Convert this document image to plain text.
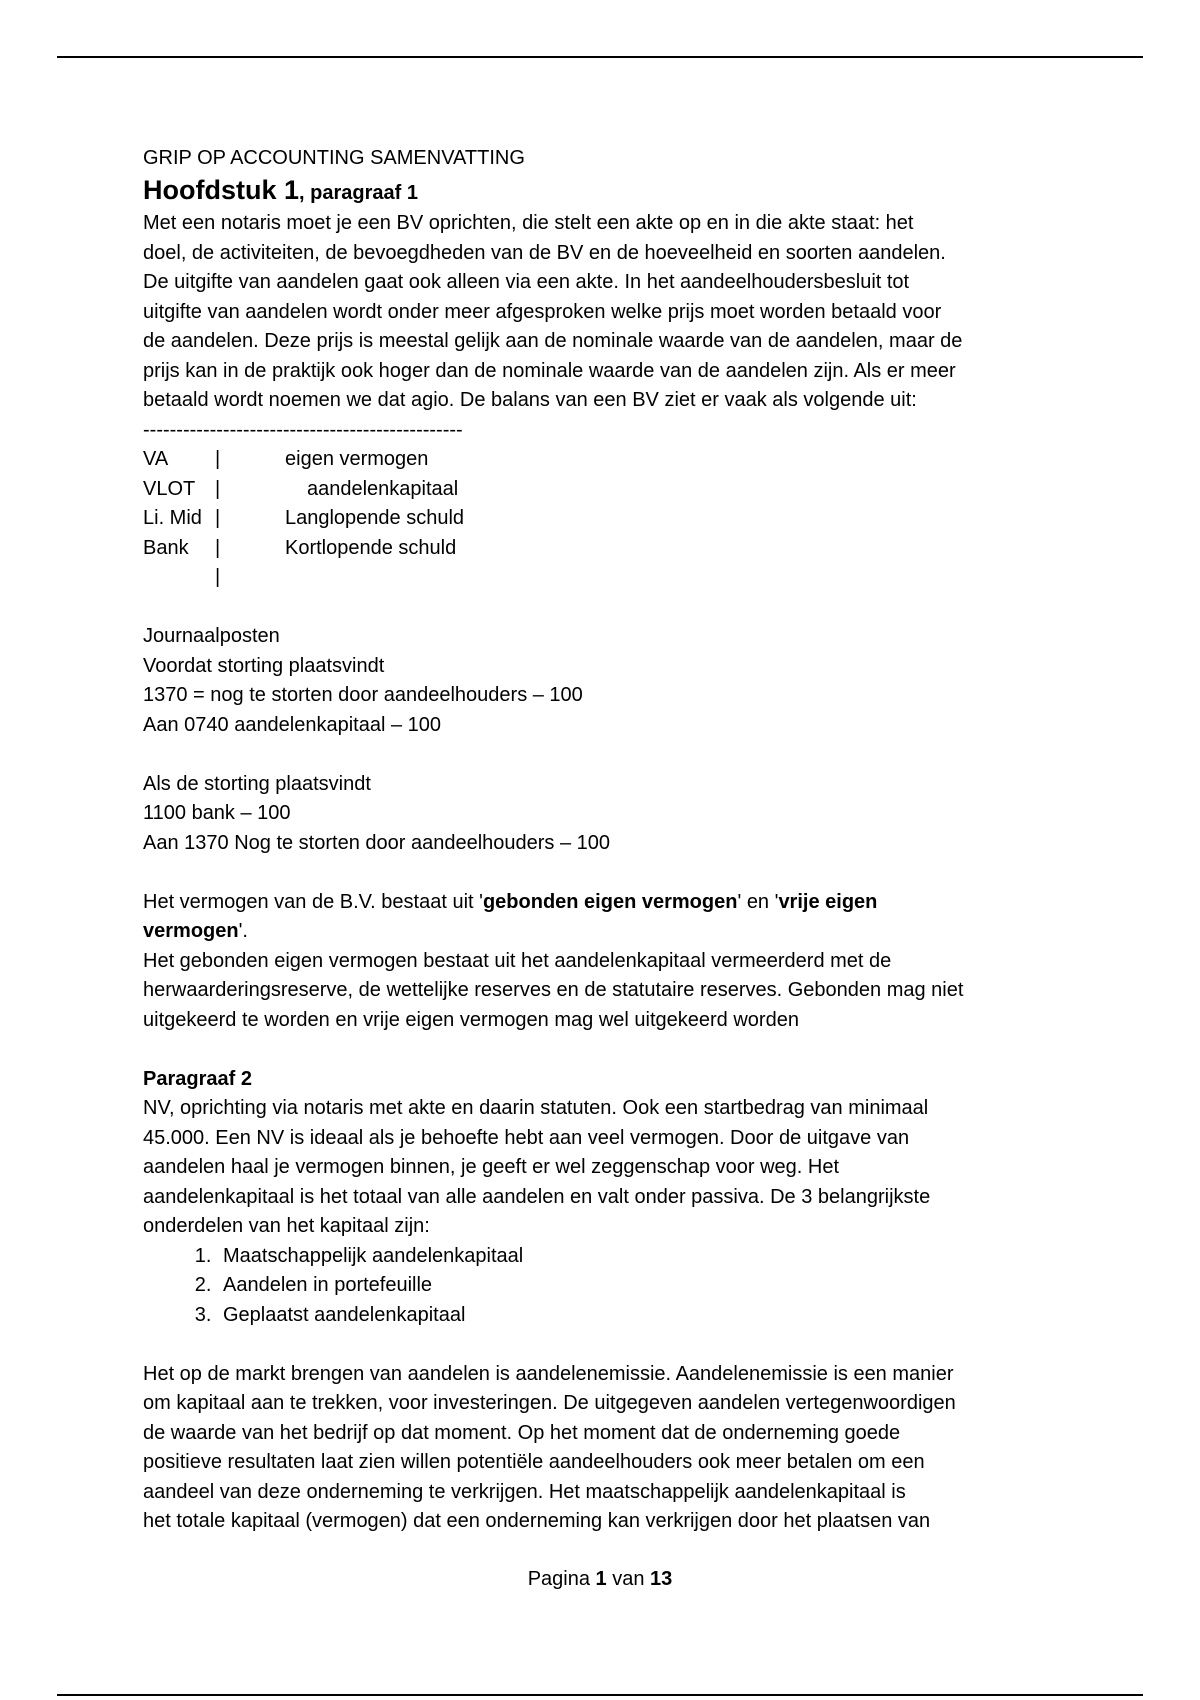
GRIP OP ACCOUNTING SAMENVATTING
Hoofdstuk 1, paragraaf 1
Met een notaris moet je een BV oprichten, die stelt een akte op en in die akte staat: het
doel, de activiteiten, de bevoegdheden van de BV en de hoeveelheid en soorten aandelen.
De uitgifte van aandelen gaat ook alleen via een akte. In het aandeelhoudersbesluit tot
uitgifte van aandelen wordt onder meer afgesproken welke prijs moet worden betaald voor
de aandelen. Deze prijs is meestal gelijk aan de nominale waarde van de aandelen, maar de
prijs kan in de praktijk ook hoger dan de nominale waarde van de aandelen zijn. Als er meer
betaald wordt noemen we dat agio. De balans van een BV ziet er vaak als volgende uit:
------------------------------------------------
VA	|	eigen vermogen
VLOT |	aandelenkapitaal
Li. Mid |	Langlopende schuld
Bank	|	Kortlopende schuld
|
Journaalposten
Voordat storting plaatsvindt
1370 = nog te storten door aandeelhouders – 100
Aan 0740 aandelenkapitaal – 100
Als de storting plaatsvindt
1100 bank – 100
Aan 1370 Nog te storten door aandeelhouders – 100
Het vermogen van de B.V. bestaat uit 'gebonden eigen vermogen' en 'vrije eigen
vermogen'.
Het gebonden eigen vermogen bestaat uit het aandelenkapitaal vermeerderd met de
herwaarderingsreserve, de wettelijke reserves en de statutaire reserves. Gebonden mag niet
uitgekeerd te worden en vrije eigen vermogen mag wel uitgekeerd worden
Paragraaf 2
NV, oprichting via notaris met akte en daarin statuten. Ook een startbedrag van minimaal
45.000. Een NV is ideaal als je behoefte hebt aan veel vermogen. Door de uitgave van
aandelen haal je vermogen binnen, je geeft er wel zeggenschap voor weg. Het
aandelenkapitaal is het totaal van alle aandelen en valt onder passiva. De 3 belangrijkste
onderdelen van het kapitaal zijn:
1. Maatschappelijk aandelenkapitaal
2. Aandelen in portefeuille
3. Geplaatst aandelenkapitaal
Het op de markt brengen van aandelen is aandelenemissie. Aandelenemissie is een manier
om kapitaal aan te trekken, voor investeringen. De uitgegeven aandelen vertegenwoordigen
de waarde van het bedrijf op dat moment. Op het moment dat de onderneming goede
positieve resultaten laat zien willen potentiële aandeelhouders ook meer betalen om een
aandeel van deze onderneming te verkrijgen. Het maatschappelijk aandelenkapitaal is
het totale kapitaal (vermogen) dat een onderneming kan verkrijgen door het plaatsen van
Pagina 1 van 13
